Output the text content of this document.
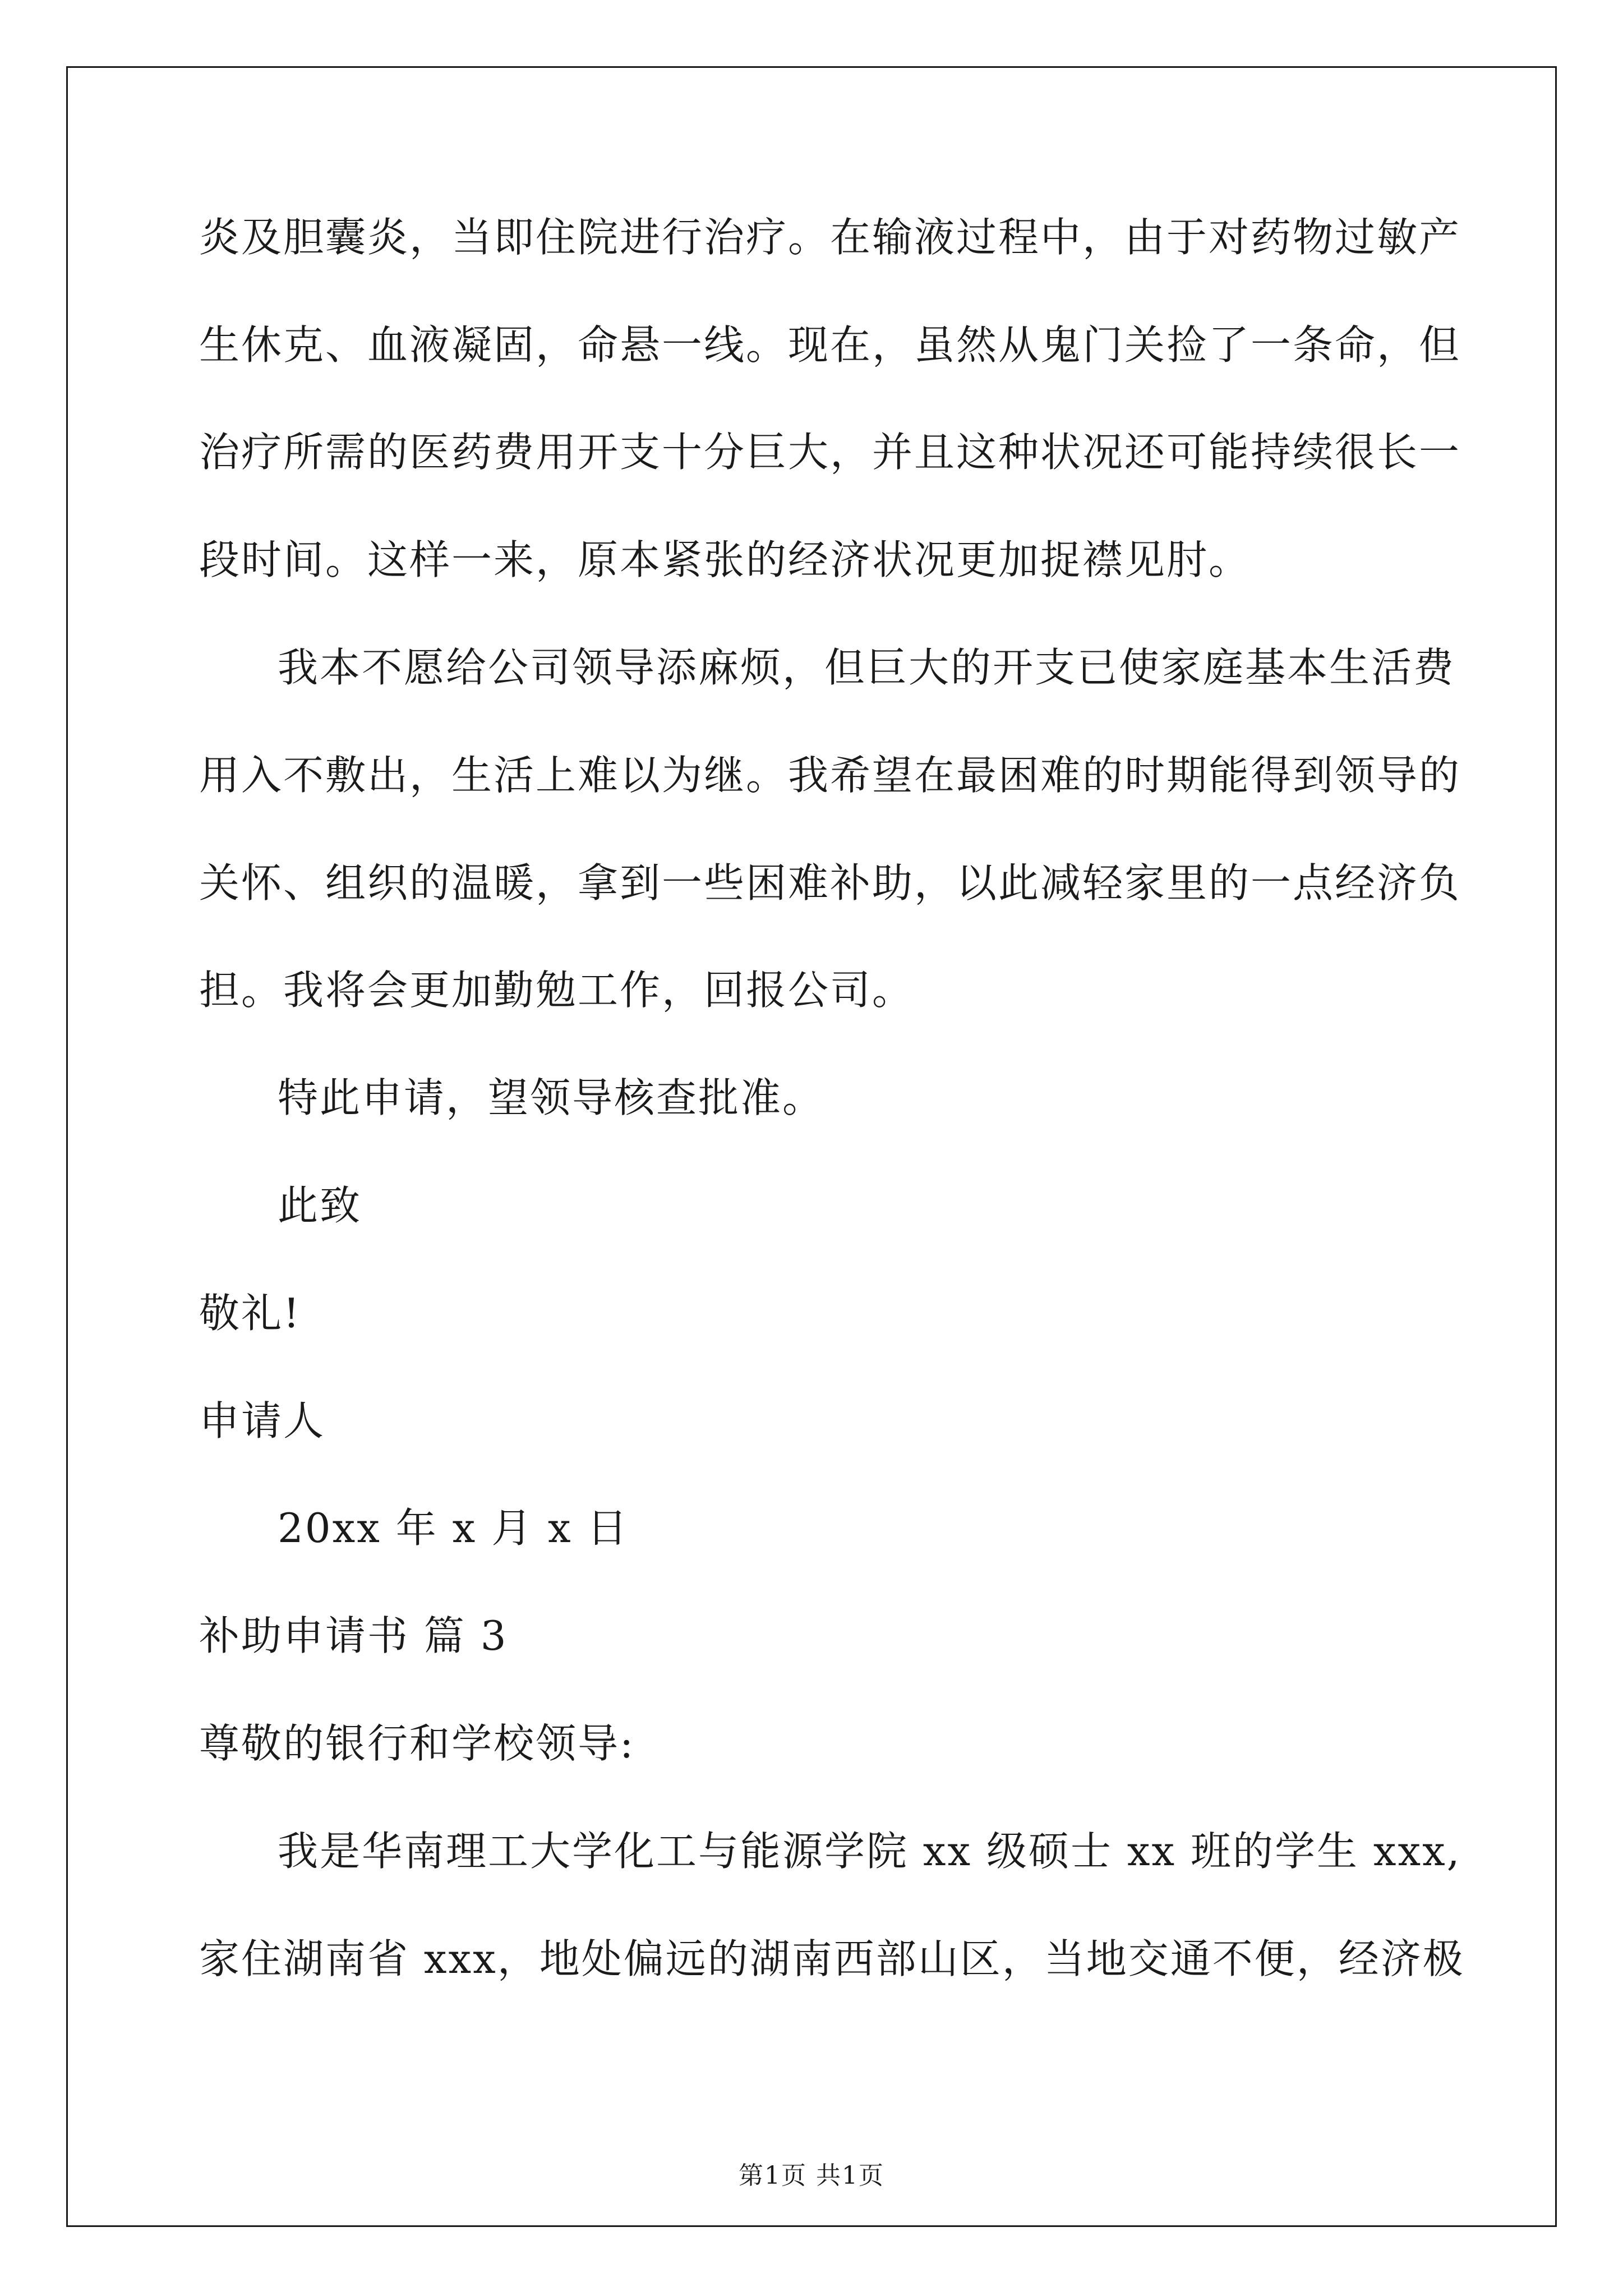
炎及胆囊炎，当即住院进行治疗。在输液过程中，由于对药物过敏产
生休克、血液凝固，命悬一线。现在，虽然从鬼门关捡了一条命，但
治疗所需的医药费用开支十分巨大，并且这种状况还可能持续很长一
段时间。这样一来，原本紧张的经济状况更加捉襟见肘。
我本不愿给公司领导添麻烦，但巨大的开支已使家庭基本生活费
用入不敷出，生活上难以为继。我希望在最困难的时期能得到领导的
关怀、组织的温暖，拿到一些困难补助，以此减轻家里的一点经济负
担。我将会更加勤勉工作，回报公司。
特此申请，望领导核查批准。
此致
敬礼!
申请人
20xx 年 x 月 x 日
补助申请书 篇 3
尊敬的银行和学校领导:
我是华南理工大学化工与能源学院 xx 级硕士 xx 班的学生 xxx,
家住湖南省 xxx，地处偏远的湖南西部山区，当地交通不便，经济极
第1页 共1页
